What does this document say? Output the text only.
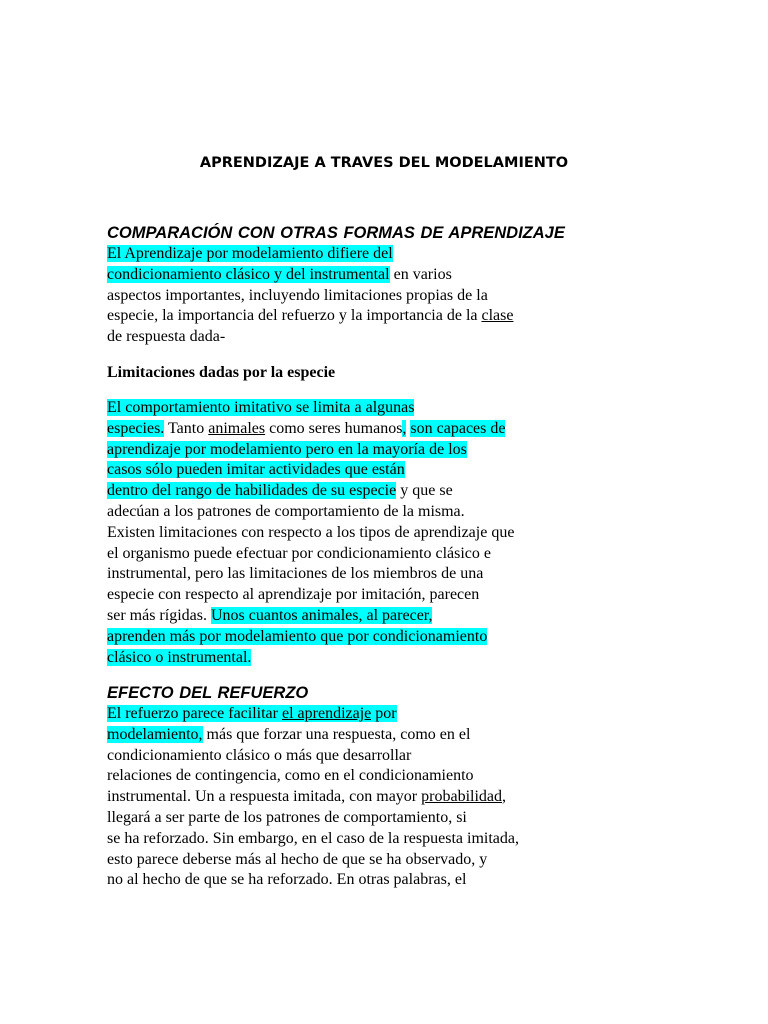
APRENDIZAJE A TRAVES DEL MODELAMIENTO
COMPARACIÓN CON OTRAS FORMAS DE APRENDIZAJE
El Aprendizaje por modelamiento difiere del
condicionamiento clásico y del instrumental en varios
aspectos importantes, incluyendo limitaciones propias de la
especie, la importancia del refuerzo y la importancia de la clase
de respuesta dada-
Limitaciones dadas por la especie
El comportamiento imitativo se limita a algunas
especies. Tanto animales como seres humanos, son capaces de
aprendizaje por modelamiento pero en la mayoría de los
casos sólo pueden imitar actividades que están
dentro del rango de habilidades de su especie y que se
adecúan a los patrones de comportamiento de la misma.
Existen limitaciones con respecto a los tipos de aprendizaje que
el organismo puede efectuar por condicionamiento clásico e
instrumental, pero las limitaciones de los miembros de una
especie con respecto al aprendizaje por imitación, parecen
ser más rígidas. Unos cuantos animales, al parecer,
aprenden más por modelamiento que por condicionamiento
clásico o instrumental.
EFECTO DEL REFUERZO
El refuerzo parece facilitar el aprendizaje por
modelamiento, más que forzar una respuesta, como en el
condicionamiento clásico o más que desarrollar
relaciones de contingencia, como en el condicionamiento
instrumental. Un a respuesta imitada, con mayor probabilidad,
llegará a ser parte de los patrones de comportamiento, si
se ha reforzado. Sin embargo, en el caso de la respuesta imitada,
esto parece deberse más al hecho de que se ha observado, y
no al hecho de que se ha reforzado. En otras palabras, el
